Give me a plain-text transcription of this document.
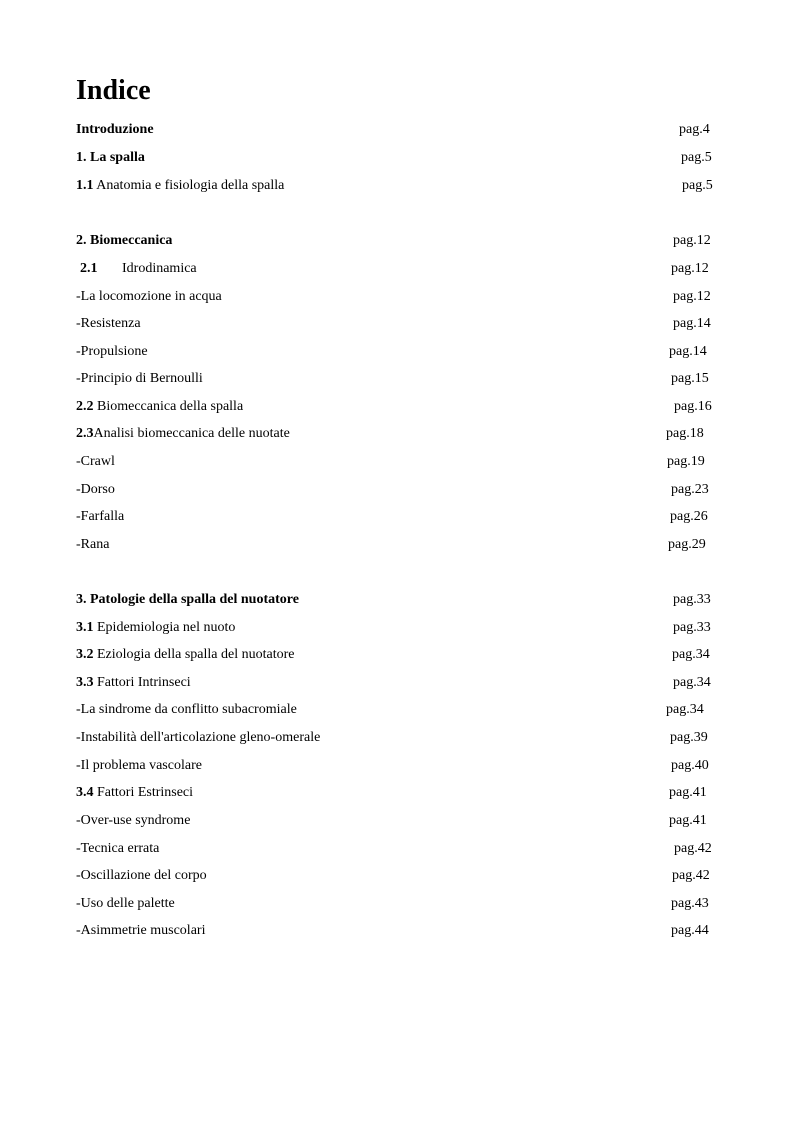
Indice
Introduzione	pag.4
1. La spalla	pag.5
1.1 Anatomia e fisiologia della spalla	pag.5
2. Biomeccanica	pag.12
2.1 Idrodinamica	pag.12
-La locomozione in acqua	pag.12
-Resistenza	pag.14
-Propulsione	pag.14
-Principio di Bernoulli	pag.15
2.2 Biomeccanica della spalla	pag.16
2.3Analisi biomeccanica delle nuotate	pag.18
-Crawl	pag.19
-Dorso	pag.23
-Farfalla	pag.26
-Rana	pag.29
3. Patologie della spalla del nuotatore	pag.33
3.1 Epidemiologia nel nuoto	pag.33
3.2 Eziologia della spalla del nuotatore	pag.34
3.3 Fattori Intrinseci	pag.34
-La sindrome da conflitto subacromiale	pag.34
-Instabilità dell'articolazione gleno-omerale	pag.39
-Il problema vascolare	pag.40
3.4 Fattori Estrinseci	pag.41
-Over-use syndrome	pag.41
-Tecnica errata	pag.42
-Oscillazione del corpo	pag.42
-Uso delle palette	pag.43
-Asimmetrie muscolari	pag.44
